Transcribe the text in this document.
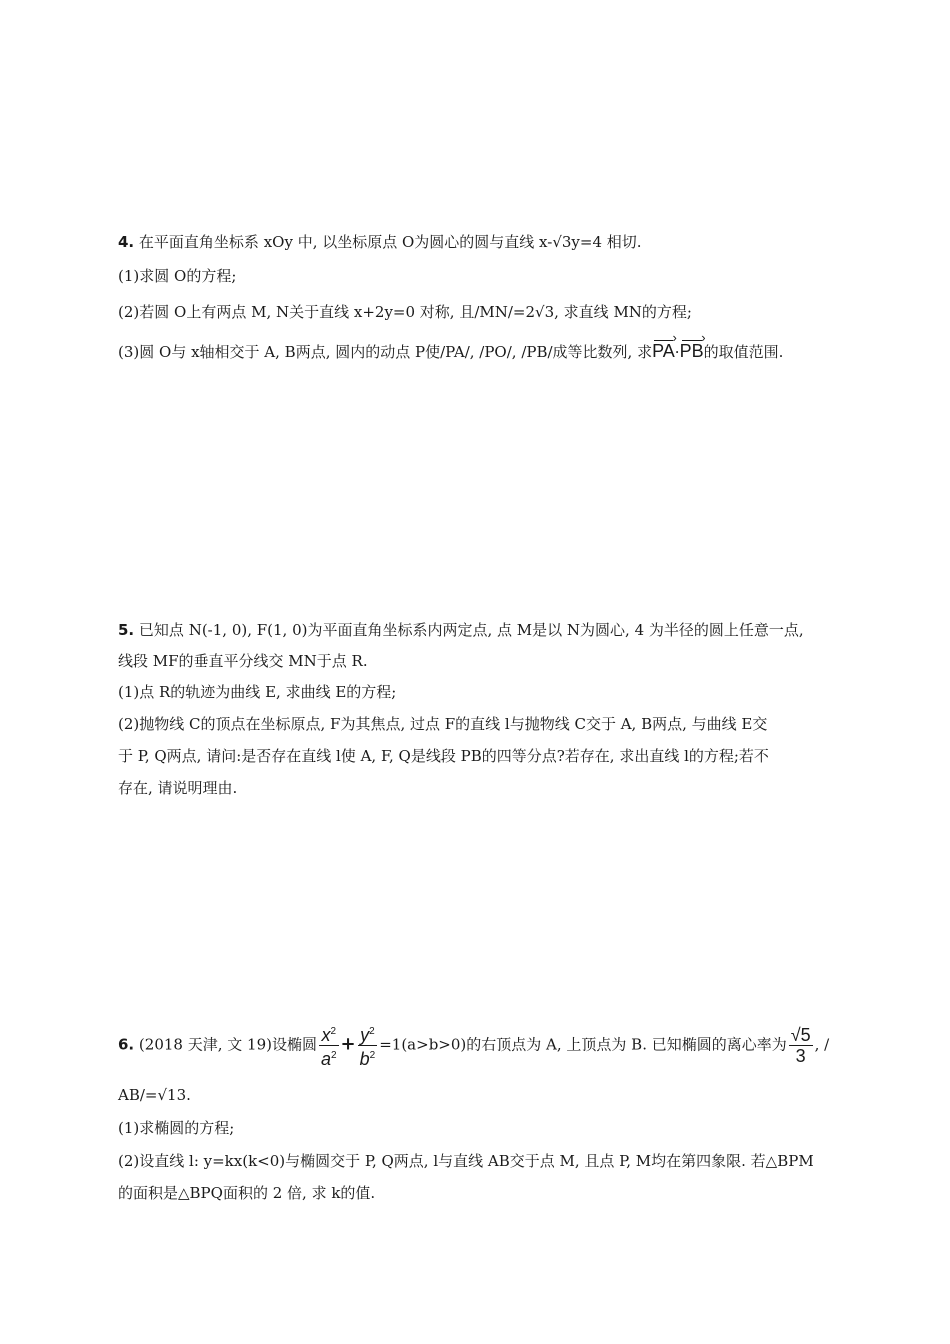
4. 在平面直角坐标系 xOy 中, 以坐标原点 O为圆心的圆与直线 x-√3y=4 相切.
(1)求圆 O的方程;
(2)若圆 O上有两点 M, N关于直线 x+2y=0 对称, 且/MN/=2√3, 求直线 MN的方程;
(3)圆 O与 x轴相交于 A, B两点, 圆内的动点 P使/PA/, /PO/, /PB/成等比数列, 求PA ›·PB ›的取值范围.
5. 已知点 N(-1, 0), F(1, 0)为平面直角坐标系内两定点, 点 M是以 N为圆心, 4 为半径的圆上任意一点,
线段 MF的垂直平分线交 MN于点 R.
(1)点 R的轨迹为曲线 E, 求曲线 E的方程;
(2)抛物线 C的顶点在坐标原点, F为其焦点, 过点 F的直线 l与抛物线 C交于 A, B两点, 与曲线 E交
于 P, Q两点, 请问:是否存在直线 l使 A, F, Q是线段 PB的四等分点?若存在, 求出直线 l的方程;若不
存在, 请说明理由.
6. (2018 天津, 文 19)设椭圆 $\frac{x^2}{a^2} + \frac{y^2}{b^2} =1(a>b>0)$的右顶点为 A, 上顶点为 B. 已知椭圆的离心率为 $\frac{√5}{3}$ , /
AB/=√13.
(1)求椭圆的方程;
(2)设直线 l: y=kx(k<0)与椭圆交于 P, Q两点, l与直线 AB交于点 M, 且点 P, M均在第四象限. 若△BPM
的面积是△BPQ面积的 2 倍, 求 k的值.
